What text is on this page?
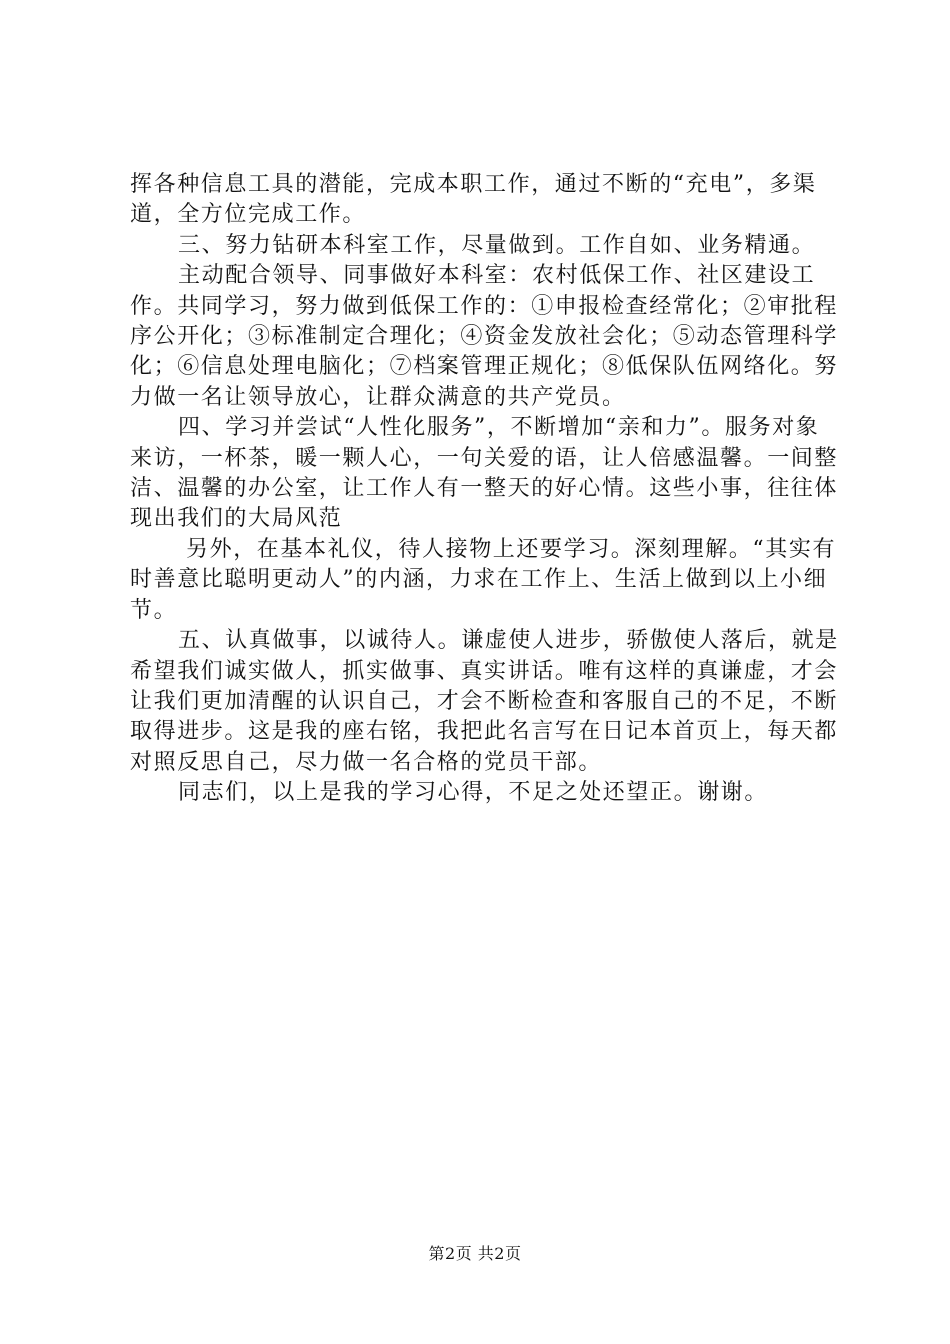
挥各种信息工具的潜能，完成本职工作，通过不断的“充电”，多渠道，全方位完成工作。

三、努力钻研本科室工作，尽量做到。工作自如、业务精通。

主动配合领导、同事做好本科室：农村低保工作、社区建设工作。共同学习，努力做到低保工作的：①申报检查经常化；②审批程序公开化；③标准制定合理化；④资金发放社会化；⑤动态管理科学化；⑥信息处理电脑化；⑦档案管理正规化；⑧低保队伍网络化。努力做一名让领导放心，让群众满意的共产党员。

四、学习并尝试“人性化服务”，不断增加“亲和力”。服务对象来访，一杯茶，暖一颗人心，一句关爱的语，让人倍感温馨。一间整洁、温馨的办公室，让工作人有一整天的好心情。这些小事，往往体现出我们的大局风范

另外，在基本礼仪，待人接物上还要学习。深刻理解。“其实有时善意比聪明更动人”的内涵，力求在工作上、生活上做到以上小细节。

五、认真做事，以诚待人。谦虚使人进步，骄傲使人落后，就是希望我们诚实做人，抓实做事、真实讲话。唯有这样的真谦虚，才会让我们更加清醒的认识自己，才会不断检查和客服自己的不足，不断取得进步。这是我的座右铭，我把此名言写在日记本首页上，每天都对照反思自己，尽力做一名合格的党员干部。

同志们，以上是我的学习心得，不足之处还望正。谢谢。

第2页 共2页
